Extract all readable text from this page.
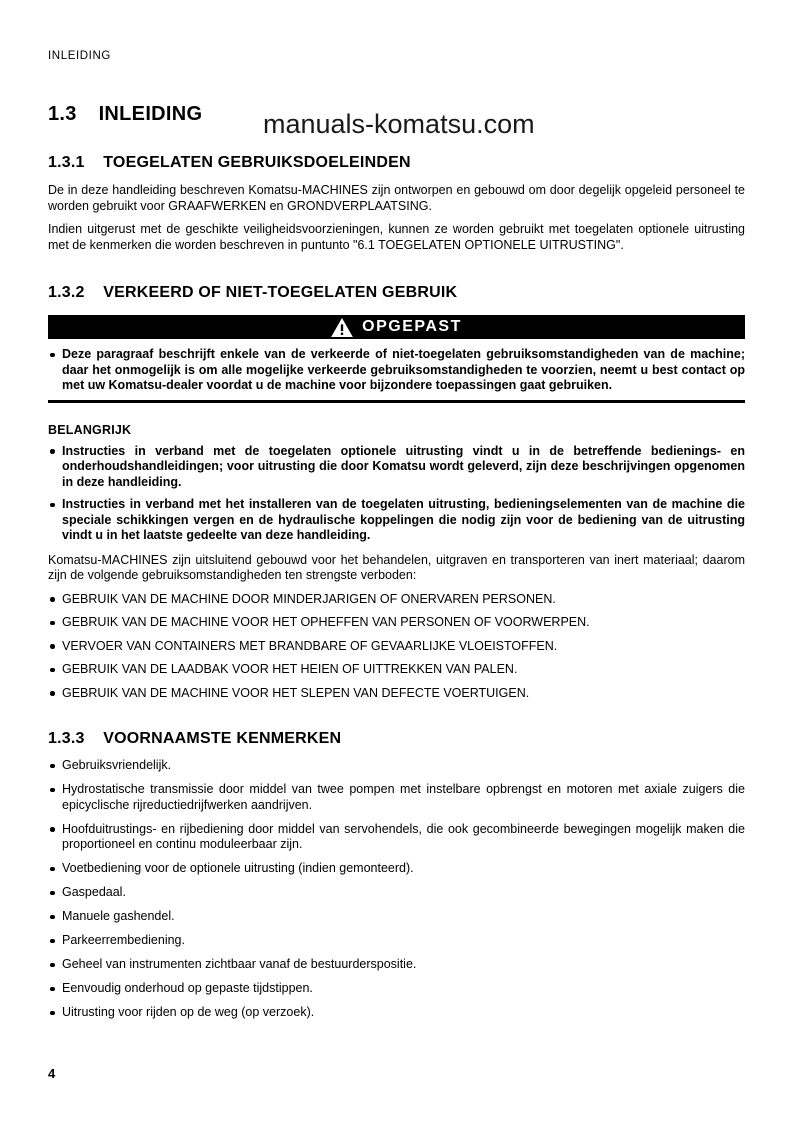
INLEIDING
1.3 INLEIDING	manuals-komatsu.com
1.3.1 TOEGELATEN GEBRUIKSDOELEINDEN

De in deze handleiding beschreven Komatsu-MACHINES zijn ontworpen en gebouwd om door degelijk opgeleid personeel te worden gebruikt voor GRAAFWERKEN en GRONDVERPLAATSING.

Indien uitgerust met de geschikte veiligheidsvoorzieningen, kunnen ze worden gebruikt met toegelaten optionele uitrusting met de kenmerken die worden beschreven in puntunto "6.1 TOEGELATEN OPTIONELE UITRUSTING".

1.3.2 VERKEERD OF NIET-TOEGELATEN GEBRUIK
OPGEPAST
Deze paragraaf beschrijft enkele van de verkeerde of niet-toegelaten gebruiksomstandigheden van de machine; daar het onmogelijk is om alle mogelijke verkeerde gebruiksomstandigheden te voorzien, neemt u best contact op met uw Komatsu-dealer voordat u de machine voor bijzondere toepassingen gaat gebruiken.
BELANGRIJK
Instructies in verband met de toegelaten optionele uitrusting vindt u in de betreffende bedienings- en onderhoudshandleidingen; voor uitrusting die door Komatsu wordt geleverd, zijn deze beschrijvingen opgenomen in deze handleiding.
Instructies in verband met het installeren van de toegelaten uitrusting, bedieningselementen van de machine die speciale schikkingen vergen en de hydraulische koppelingen die nodig zijn voor de bediening van de uitrusting vindt u in het laatste gedeelte van deze handleiding.

Komatsu-MACHINES zijn uitsluitend gebouwd voor het behandelen, uitgraven en transporteren van inert materiaal; daarom zijn de volgende gebruiksomstandigheden ten strengste verboden:

GEBRUIK VAN DE MACHINE DOOR MINDERJARIGEN OF ONERVAREN PERSONEN.
GEBRUIK VAN DE MACHINE VOOR HET OPHEFFEN VAN PERSONEN OF VOORWERPEN.
VERVOER VAN CONTAINERS MET BRANDBARE OF GEVAARLIJKE VLOEISTOFFEN.
GEBRUIK VAN DE LAADBAK VOOR HET HEIEN OF UITTREKKEN VAN PALEN.
GEBRUIK VAN DE MACHINE VOOR HET SLEPEN VAN DEFECTE VOERTUIGEN.
1.3.3 VOORNAAMSTE KENMERKEN
Gebruiksvriendelijk.
Hydrostatische transmissie door middel van twee pompen met instelbare opbrengst en motoren met axiale zuigers die epicyclische rijreductiedrijfwerken aandrijven.
Hoofduitrustings- en rijbediening door middel van servohendels, die ook gecombineerde bewegingen mogelijk maken die proportioneel en continu moduleerbaar zijn.
Voetbediening voor de optionele uitrusting (indien gemonteerd).
Gaspedaal.
Manuele gashendel.
Parkeerrembediening.
Geheel van instrumenten zichtbaar vanaf de bestuurderspositie.
Eenvoudig onderhoud op gepaste tijdstippen.
Uitrusting voor rijden op de weg (op verzoek).
4
